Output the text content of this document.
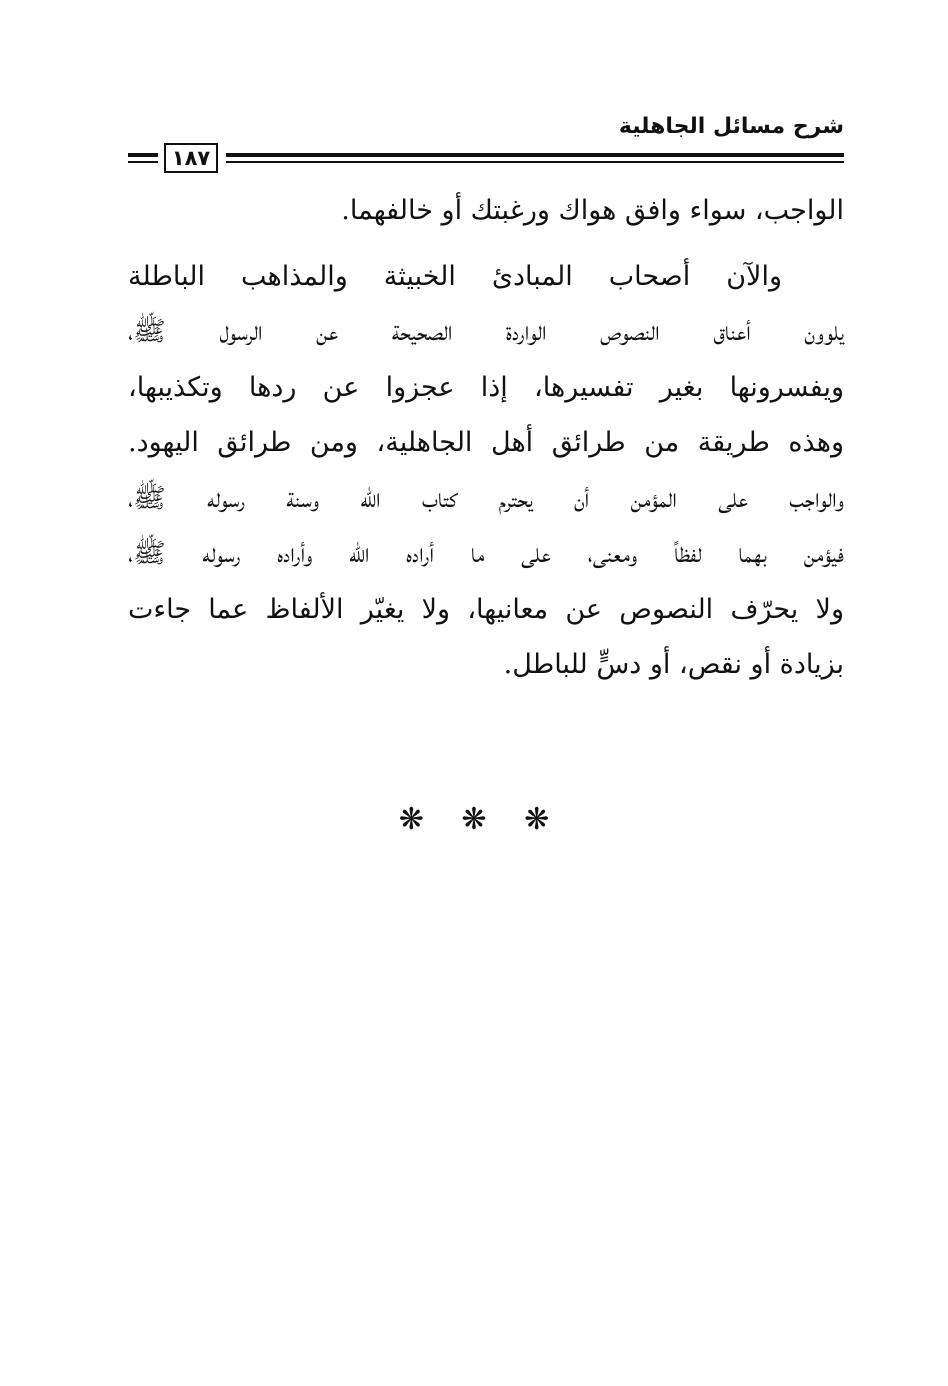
شرح مسائل الجاهلية
١٨٧
الواجب، سواء وافق هواك ورغبتك أو خالفهما.
والآن أصحاب المبادئ الخبيثة والمذاهب الباطلة
يلوون أعناق النصوص الواردة الصحيحة عن الرسول ﷺ،
ويفسرونها بغير تفسيرها، إذا عجزوا عن ردها وتكذيبها،
وهذه طريقة من طرائق أهل الجاهلية، ومن طرائق اليهود.
والواجب على المؤمن أن يحترم كتاب الله وسنة رسوله ﷺ،
فيؤمن بهما لفظاً ومعنى، على ما أراده الله وأراده رسوله ﷺ،
ولا يحرّف النصوص عن معانيها، ولا يغيّر الألفاظ عما جاءت
بزيادة أو نقص، أو دسٍّ للباطل.
❋ ❋ ❋
